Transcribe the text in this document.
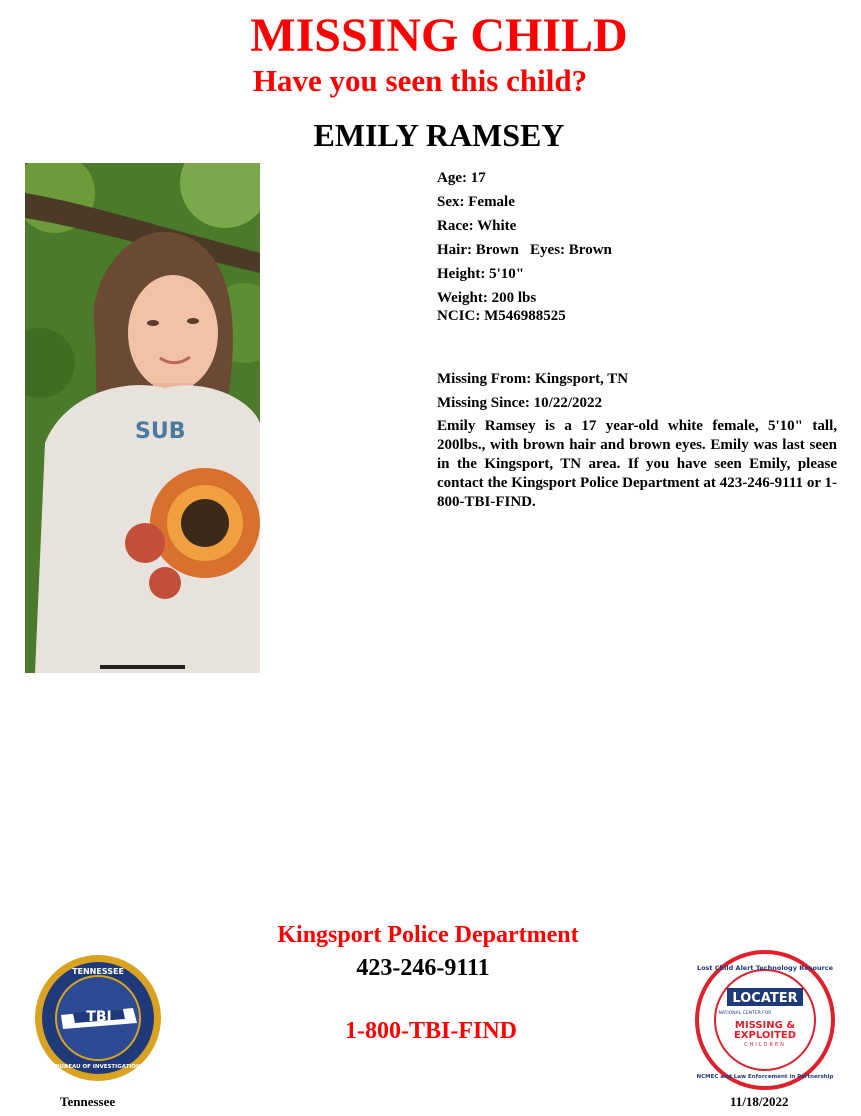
MISSING CHILD
Have you seen this child?
EMILY RAMSEY
SUB
Age: 17
Sex: Female
Race: White
Hair: Brown   Eyes: Brown
Height: 5'10"
Weight: 200 lbs
NCIC: M546988525
Missing From: Kingsport, TN
Missing Since: 10/22/2022
Emily Ramsey is a 17 year-old white female, 5'10" tall, 200lbs., with brown hair and brown eyes. Emily was last seen in the Kingsport, TN area. If you have seen Emily, please contact the Kingsport Police Department at 423-246-9111 or 1-800-TBI-FIND.
Kingsport Police Department
423-246-9111
1-800-TBI-FIND
TBI
TENNESSEE
BUREAU OF INVESTIGATION
Lost Child Alert Technology Resource
LOCATER
NATIONAL CENTER FOR
MISSING &
EXPLOITED
CHILDREN
NCMEC and Law Enforcement in Partnership
Tennessee	11/18/2022
